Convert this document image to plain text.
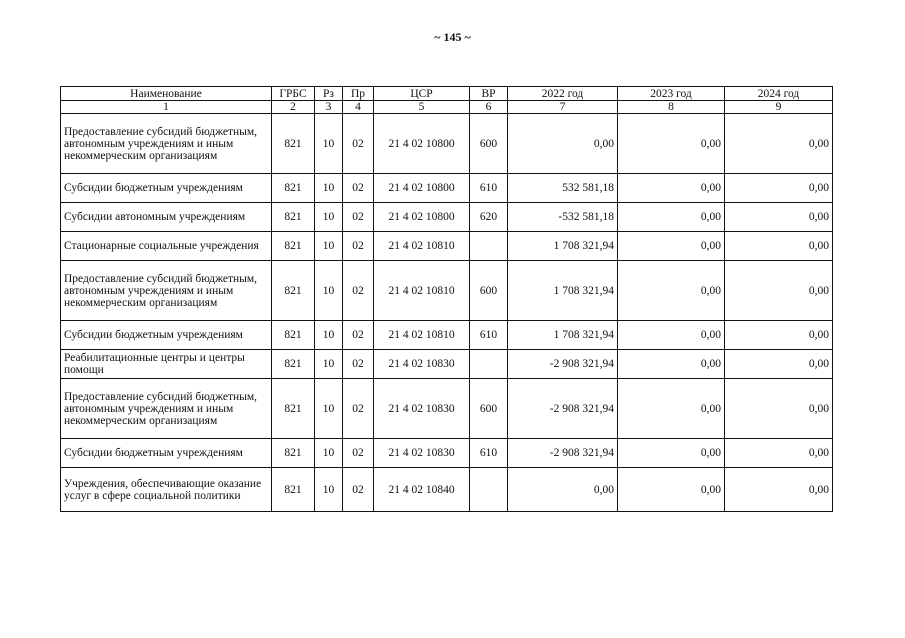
~ 145 ~
Наименование	ГРБС	Рз	Пр	ЦСР	ВР	2022 год	2023 год	2024 год
1	2	3	4	5	6	7	8	9
Предоставление субсидий бюджетным, автономным учреждениям и иным некоммерческим организациям	821	10	02	21 4 02 10800	600	0,00	0,00	0,00
Субсидии бюджетным учреждениям	821	10	02	21 4 02 10800	610	532 581,18	0,00	0,00
Субсидии автономным учреждениям	821	10	02	21 4 02 10800	620	-532 581,18	0,00	0,00
Стационарные социальные учреждения	821	10	02	21 4 02 10810		1 708 321,94	0,00	0,00
Предоставление субсидий бюджетным, автономным учреждениям и иным некоммерческим организациям	821	10	02	21 4 02 10810	600	1 708 321,94	0,00	0,00
Субсидии бюджетным учреждениям	821	10	02	21 4 02 10810	610	1 708 321,94	0,00	0,00
Реабилитационные центры и центры помощи	821	10	02	21 4 02 10830		-2 908 321,94	0,00	0,00
Предоставление субсидий бюджетным, автономным учреждениям и иным некоммерческим организациям	821	10	02	21 4 02 10830	600	-2 908 321,94	0,00	0,00
Субсидии бюджетным учреждениям	821	10	02	21 4 02 10830	610	-2 908 321,94	0,00	0,00
Учреждения, обеспечивающие оказание услуг в сфере социальной политики	821	10	02	21 4 02 10840		0,00	0,00	0,00
